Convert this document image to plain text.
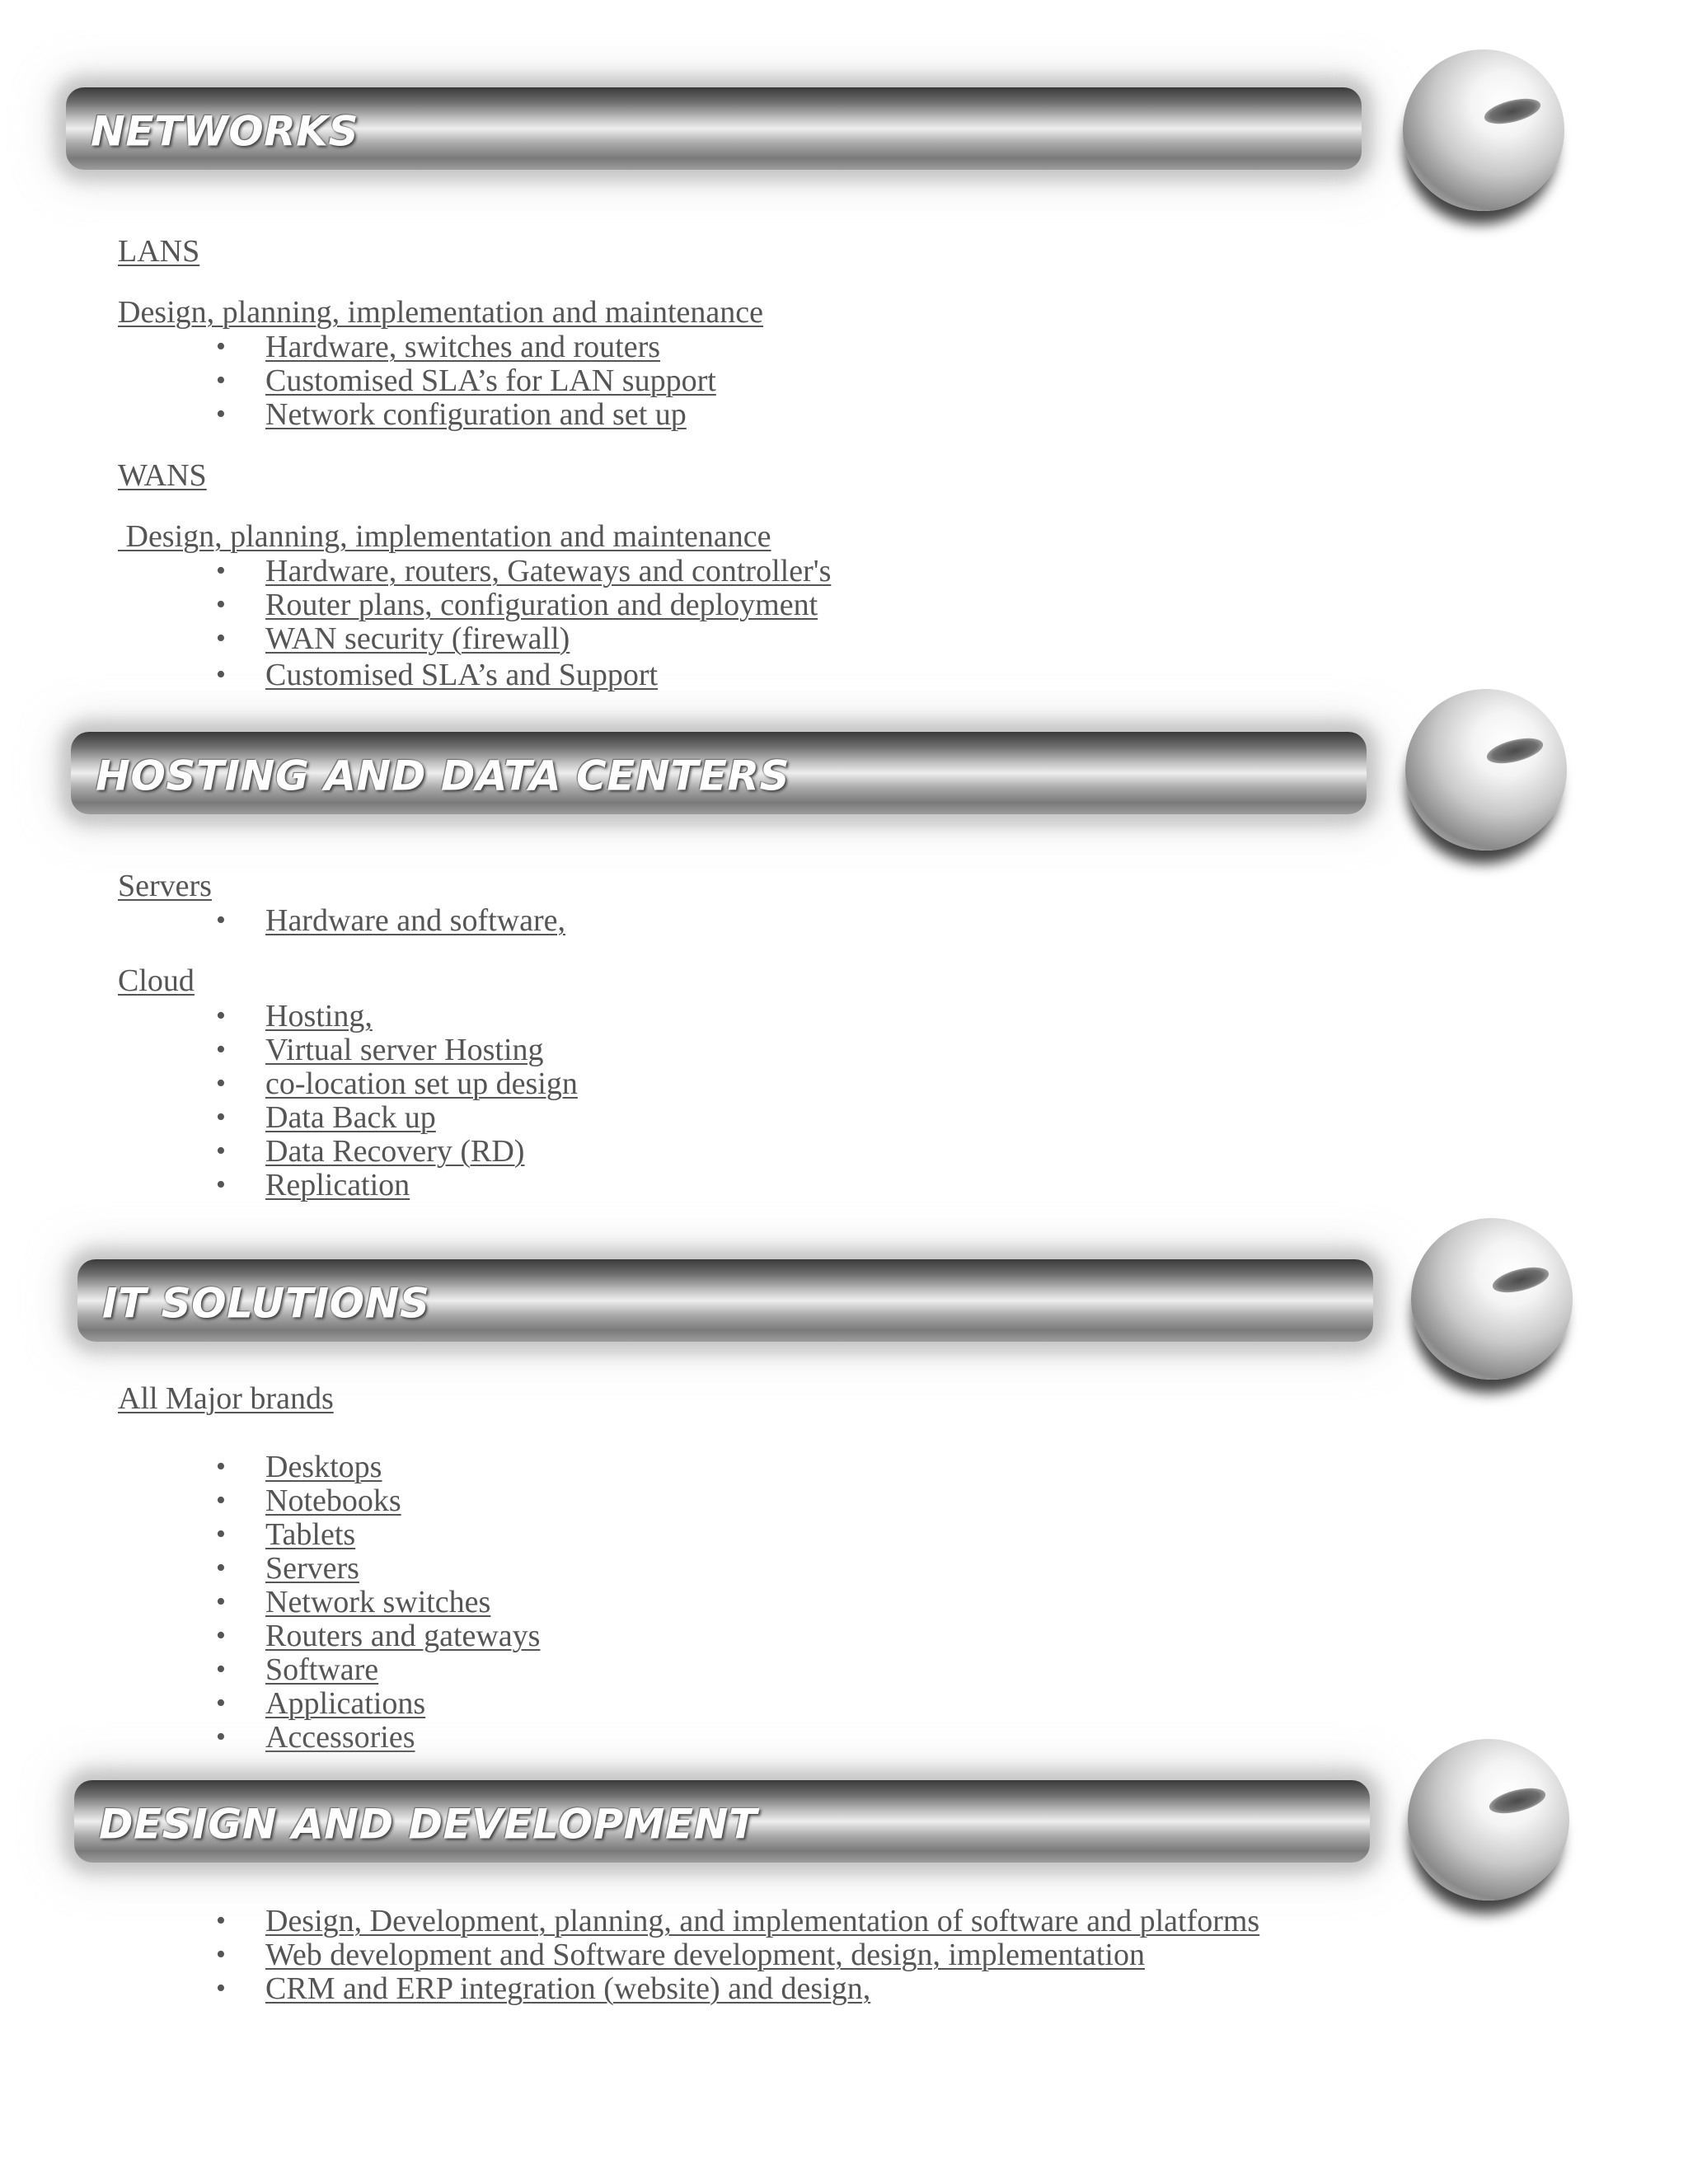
NETWORKS
LANS
Design, planning, implementation and maintenance
• Hardware, switches and routers
• Customised SLA’s for LAN support
• Network configuration and set up
WANS
Design, planning, implementation and maintenance
• Hardware, routers, Gateways and controller's
• Router plans, configuration and deployment
• WAN security (firewall)
• Customised SLA’s and Support
HOSTING AND DATA CENTERS
Servers
• Hardware and software,
Cloud
• Hosting,
• Virtual server Hosting
• co-location set up design
• Data Back up
• Data Recovery (RD)
• Replication
IT SOLUTIONS
All Major brands
• Desktops
• Notebooks
• Tablets
• Servers
• Network switches
• Routers and gateways
• Software
• Applications
• Accessories
DESIGN AND DEVELOPMENT
• Design, Development, planning, and implementation of software and platforms
• Web development and Software development, design, implementation
• CRM and ERP integration (website) and design,
